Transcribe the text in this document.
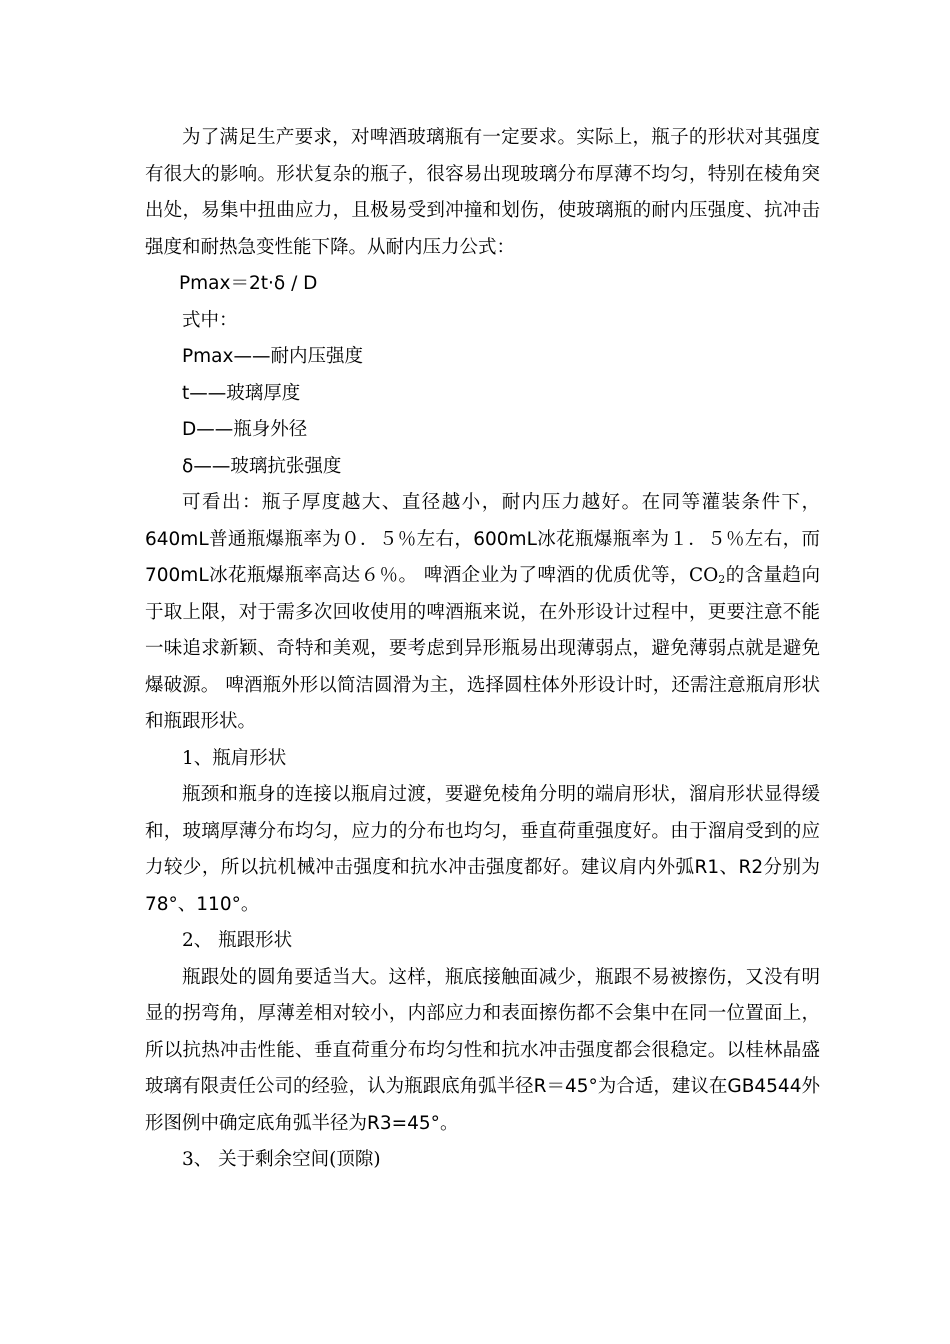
为了满足生产要求，对啤酒玻璃瓶有一定要求。实际上，瓶子的形状对其强度有很大的影响。形状复杂的瓶子，很容易出现玻璃分布厚薄不均匀，特别在棱角突出处，易集中扭曲应力，且极易受到冲撞和划伤，使玻璃瓶的耐内压强度、抗冲击强度和耐热急变性能下降。从耐内压力公式：

Pmax＝2t·δ / D

式中：

Pmax——耐内压强度

t——玻璃厚度

D——瓶身外径

δ——玻璃抗张强度

可看出：瓶子厚度越大、直径越小，耐内压力越好。在同等灌装条件下，640mL普通瓶爆瓶率为０．５％左右，600mL冰花瓶爆瓶率为１．５％左右，而700mL冰花瓶爆瓶率高达６％。 啤酒企业为了啤酒的优质优等，$CO_2$的含量趋向于取上限，对于需多次回收使用的啤酒瓶来说，在外形设计过程中，更要注意不能一味追求新颖、奇特和美观，要考虑到异形瓶易出现薄弱点，避免薄弱点就是避免爆破源。 啤酒瓶外形以简洁圆滑为主，选择圆柱体外形设计时，还需注意瓶肩形状和瓶跟形状。

1、瓶肩形状

瓶颈和瓶身的连接以瓶肩过渡，要避免棱角分明的端肩形状，溜肩形状显得缓和，玻璃厚薄分布均匀，应力的分布也均匀，垂直荷重强度好。由于溜肩受到的应力较少，所以抗机械冲击强度和抗水冲击强度都好。建议肩内外弧R1、R2分别为78°、110°。

2、 瓶跟形状

瓶跟处的圆角要适当大。这样，瓶底接触面减少，瓶跟不易被擦伤，又没有明显的拐弯角，厚薄差相对较小，内部应力和表面擦伤都不会集中在同一位置面上，所以抗热冲击性能、垂直荷重分布均匀性和抗水冲击强度都会很稳定。以桂林晶盛玻璃有限责任公司的经验，认为瓶跟底角弧半径R＝45°为合适，建议在GB4544外形图例中确定底角弧半径为R3=45°。

3、 关于剩余空间(顶隙)
